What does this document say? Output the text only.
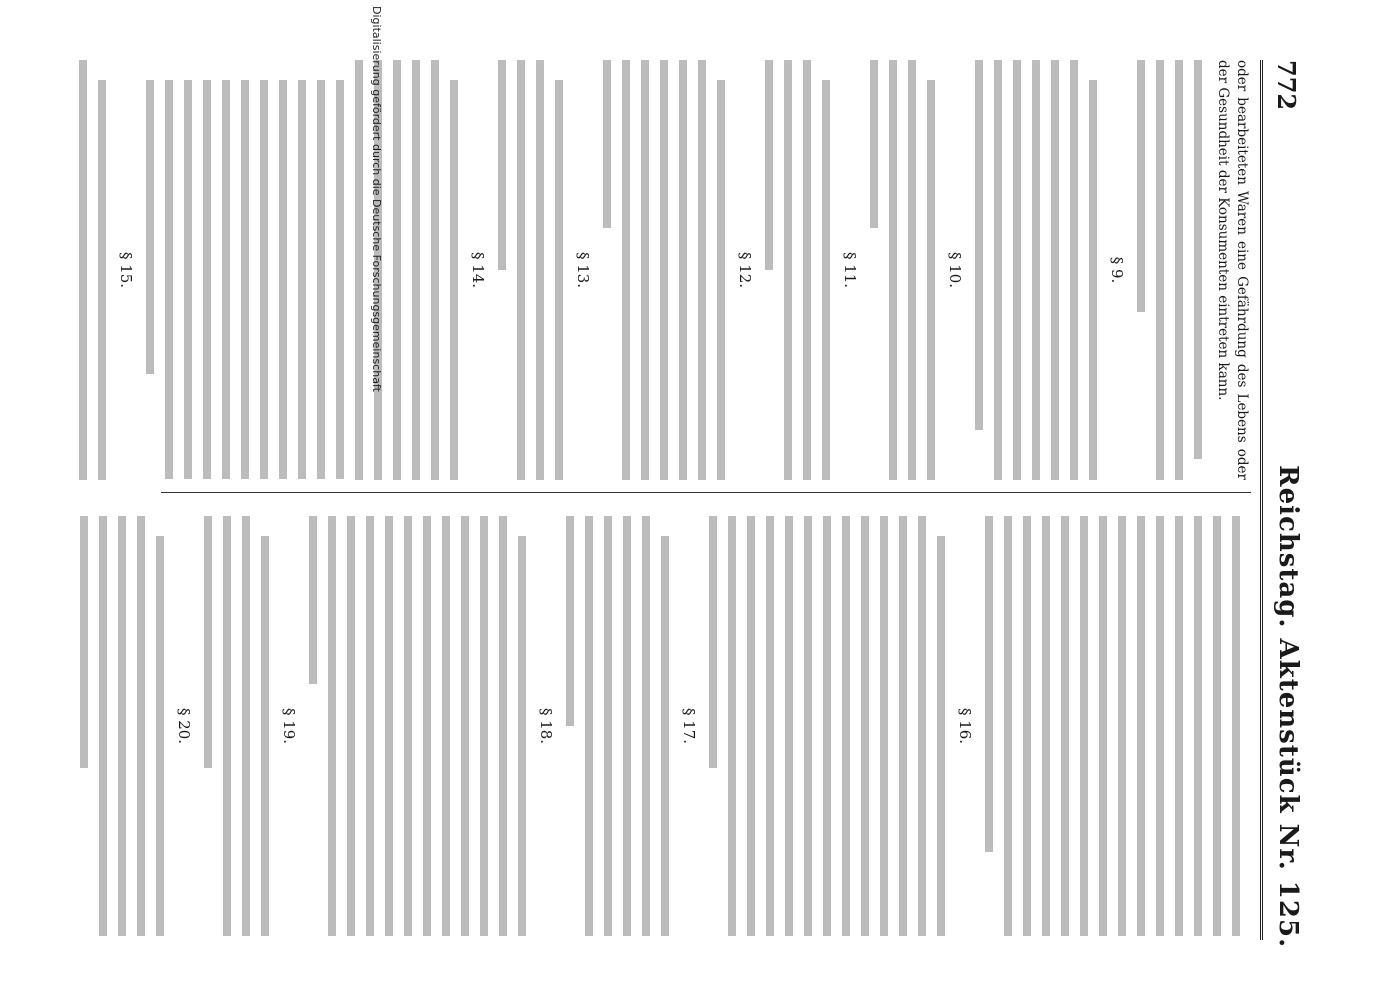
772
Reichstag. Aktenstück Nr. 125.

oder bearbeiteten Waren eine Gefährdung des Lebens oder der Gesundheit der Konsumenten eintreten kann.

§ 9.
§ 10.
§ 11.
§ 12.
§ 13.
§ 14.
§ 15.
§ 16.
§ 17.
§ 18.
§ 19.
§ 20.
Digitalisierung gefördert durch die Deutsche Forschungsgemeinschaft
